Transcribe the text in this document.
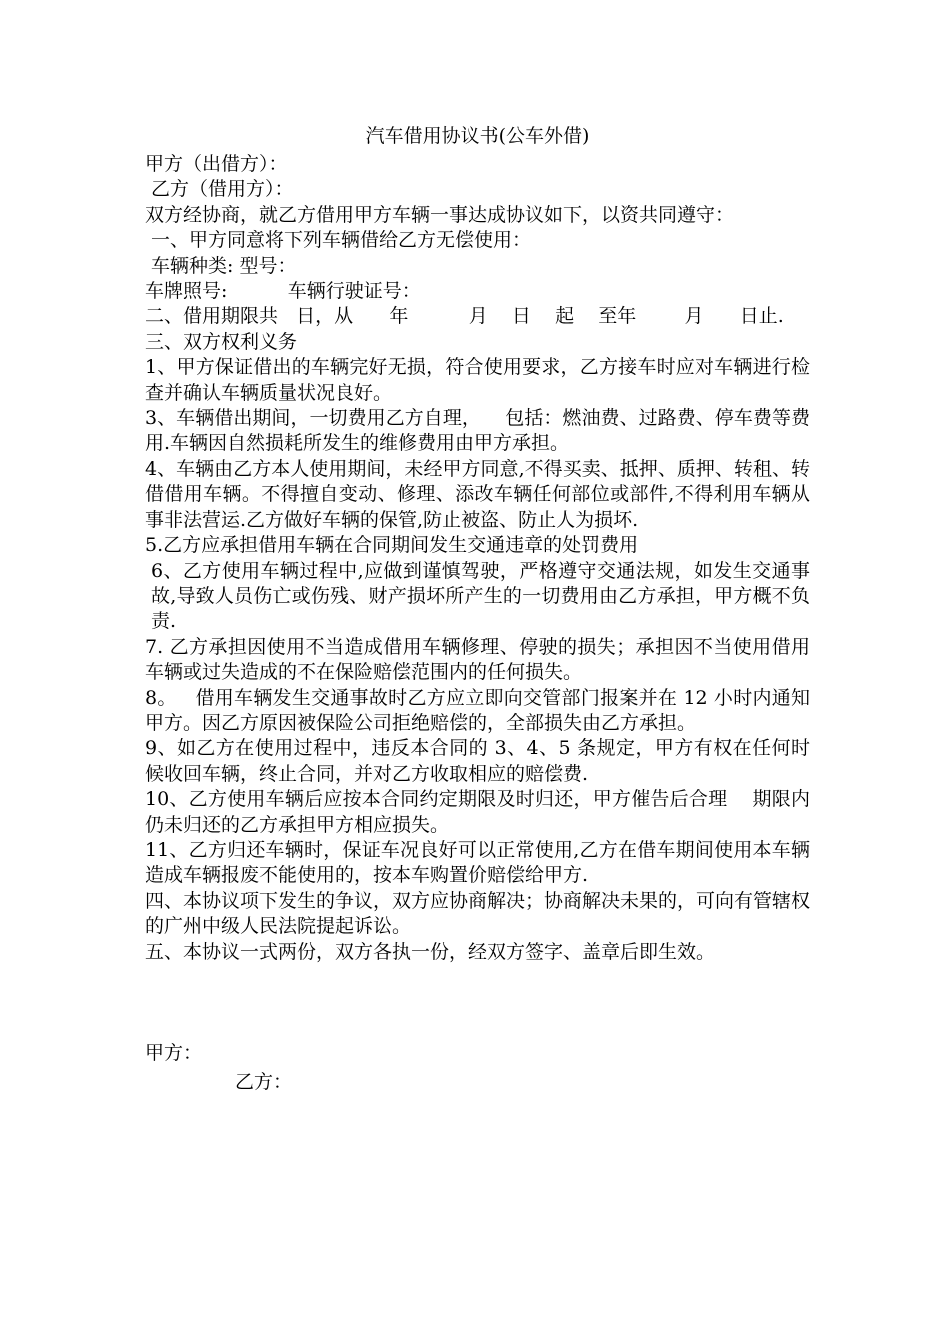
汽车借用协议书(公车外借)
甲方（出借方）：
乙方（借用方）：
双方经协商，就乙方借用甲方车辆一事达成协议如下，以资共同遵守：
一、甲方同意将下列车辆借给乙方无偿使用：
车辆种类: 型号：
车牌照号:          车辆行驶证号：
二、借用期限共   日，从      年          月    日    起    至年        月      日止.
三、双方权利义务
1、甲方保证借出的车辆完好无损，符合使用要求，乙方接车时应对车辆进行检查并确认车辆质量状况良好。
3、车辆借出期间，一切费用乙方自理，    包括：燃油费、过路费、停车费等费用.车辆因自然损耗所发生的维修费用由甲方承担。
4、车辆由乙方本人使用期间，未经甲方同意,不得买卖、抵押、质押、转租、转借借用车辆。不得擅自变动、修理、添改车辆任何部位或部件,不得利用车辆从事非法营运.乙方做好车辆的保管,防止被盗、防止人为损坏.
5.乙方应承担借用车辆在合同期间发生交通违章的处罚费用
6、乙方使用车辆过程中,应做到谨慎驾驶，严格遵守交通法规，如发生交通事故,导致人员伤亡或伤残、财产损坏所产生的一切费用由乙方承担，甲方概不负责.
7. 乙方承担因使用不当造成借用车辆修理、停驶的损失；承担因不当使用借用车辆或过失造成的不在保险赔偿范围内的任何损失。
8。   借用车辆发生交通事故时乙方应立即向交管部门报案并在 12 小时内通知甲方。因乙方原因被保险公司拒绝赔偿的，全部损失由乙方承担。
9、如乙方在使用过程中，违反本合同的 3、4、5 条规定，甲方有权在任何时候收回车辆，终止合同，并对乙方收取相应的赔偿费.
10、乙方使用车辆后应按本合同约定期限及时归还，甲方催告后合理    期限内仍未归还的乙方承担甲方相应损失。
11、乙方归还车辆时，保证车况良好可以正常使用,乙方在借车期间使用本车辆造成车辆报废不能使用的，按本车购置价赔偿给甲方.
四、本协议项下发生的争议，双方应协商解决；协商解决未果的，可向有管辖权的广州中级人民法院提起诉讼。
五、本协议一式两份，双方各执一份，经双方签字、盖章后即生效。
甲方：
乙方：
